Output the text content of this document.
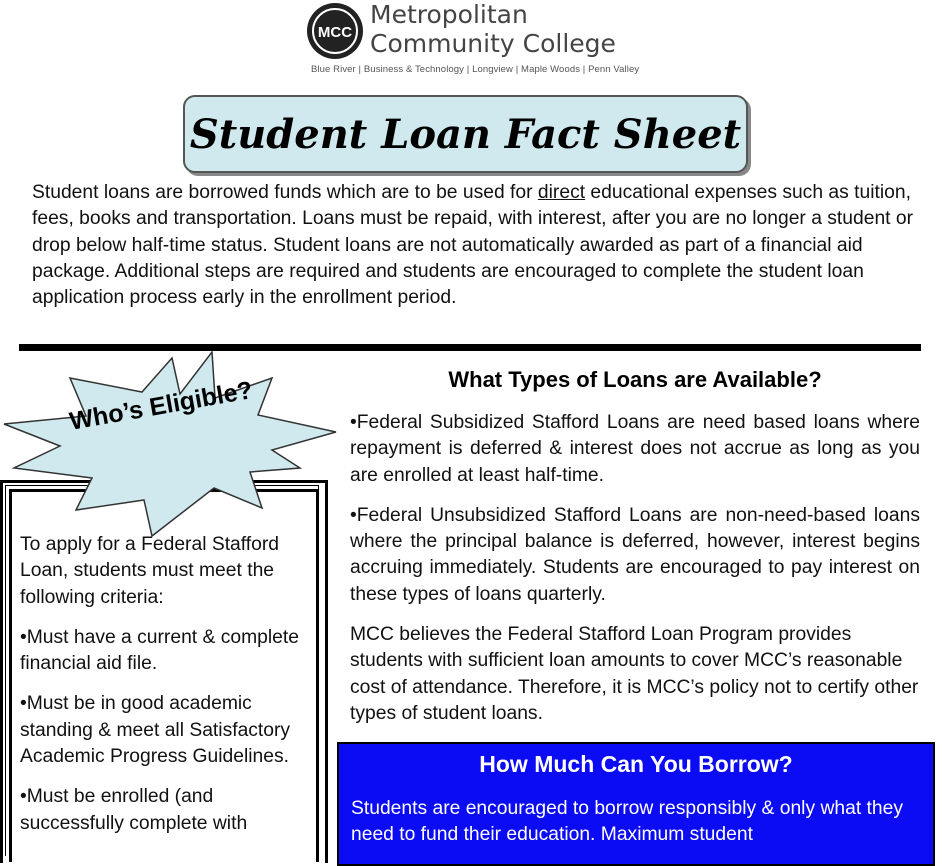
MCC
Metropolitan
Community College
Blue River | Business & Technology | Longview | Maple Woods | Penn Valley
Student Loan Fact Sheet
Student loans are borrowed funds which are to be used for direct educational expenses such as tuition, fees, books and transportation. Loans must be repaid, with interest, after you are no longer a student or drop below half-time status. Student loans are not automatically awarded as part of a financial aid package. Additional steps are required and students are encouraged to complete the student loan application process early in the enrollment period.

To apply for a Federal Stafford Loan, students must meet the following criteria:

•Must have a current & complete financial aid file.

•Must be in good academic standing & meet all Satisfactory Academic Progress Guidelines.

•Must be enrolled (and successfully complete with

Who’s Eligible?	What Types of Loans are Available?

•Federal Subsidized Stafford Loans are need based loans where repayment is deferred & interest does not accrue as long as you are enrolled at least half-time.

•Federal Unsubsidized Stafford Loans are non-need-based loans where the principal balance is deferred, however, interest begins accruing immediately. Students are encouraged to pay interest on these types of loans quarterly.

MCC believes the Federal Stafford Loan Program provides students with sufficient loan amounts to cover MCC’s reasonable cost of attendance. Therefore, it is MCC’s policy not to certify other types of student loans.

How Much Can You Borrow?
Students are encouraged to borrow responsibly & only what they need to fund their education. Maximum student
